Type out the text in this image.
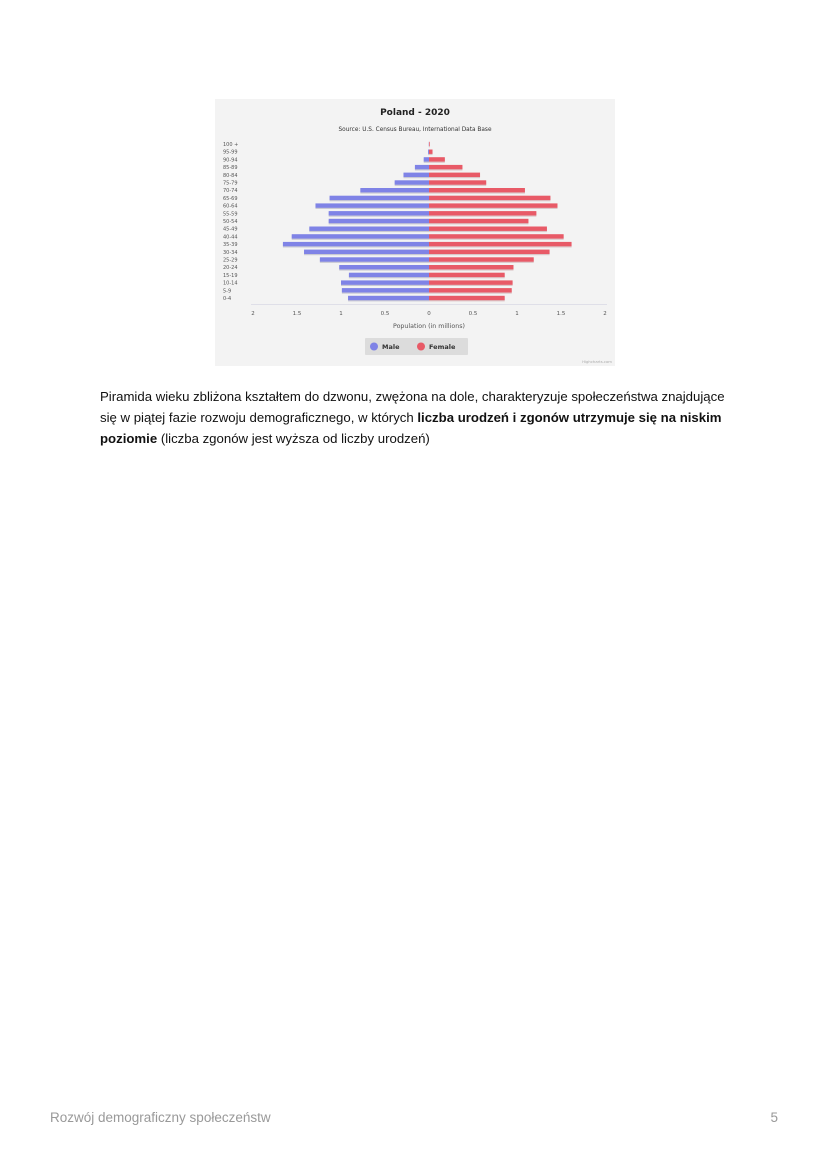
Poland - 2020
Source: U.S. Census Bureau, International Data Base
100 +
95-99
90-94
85-89
80-84
75-79
70-74
65-69
60-64
55-59
50-54
45-49
40-44
35-39
30-34
25-29
20-24
15-19
10-14
5-9
0-4
2	1.5	1	0.5	0	0.5	1	1.5	2
Population (in millions)
Male	Female
Highcharts.com

Piramida wieku zbliżona kształtem do dzwonu, zwężona na dole, charakteryzuje społeczeństwa znajdujące się w piątej fazie rozwoju demograficznego, w których liczba urodzeń i zgonów utrzymuje się na niskim poziomie (liczba zgonów jest wyższa od liczby urodzeń)

Rozwój demograficzny społeczeństw	5
